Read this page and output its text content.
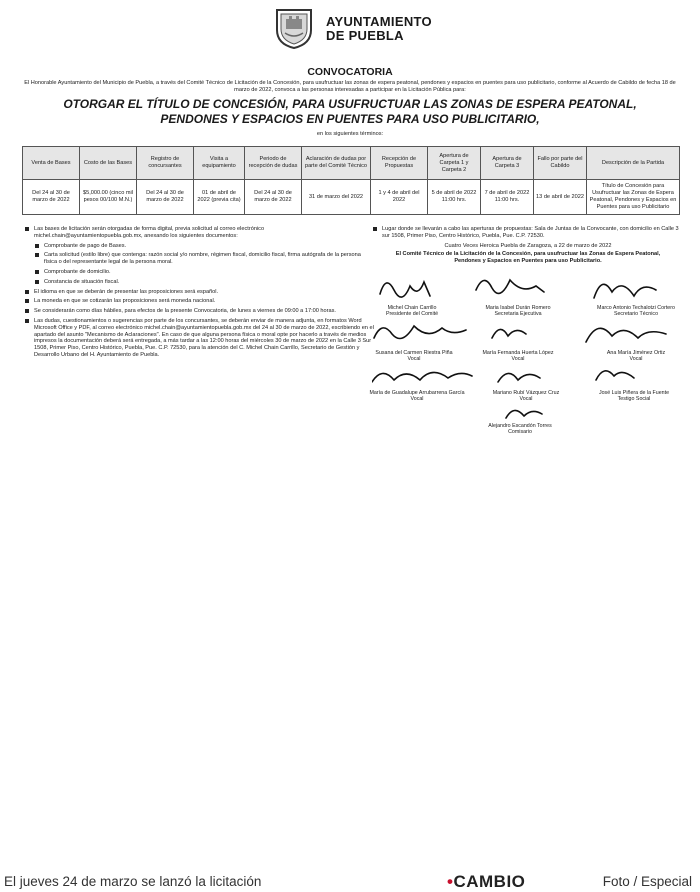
AYUNTAMIENTO
DE PUEBLA
CONVOCATORIA
El Honorable Ayuntamiento del Municipio de Puebla, a través del Comité Técnico de Licitación de la Concesión, para usufructuar las zonas de espera peatonal, pendones y espacios en puentes para uso publicitario, conforme al Acuerdo de Cabildo de fecha 18 de marzo de 2022, convoca a las personas interesadas a participar en la Licitación Pública para:
OTORGAR EL TÍTULO DE CONCESIÓN, PARA USUFRUCTUAR LAS ZONAS DE ESPERA PEATONAL,
PENDONES Y ESPACIOS EN PUENTES PARA USO PUBLICITARIO,
en los siguientes términos:
Venta de Bases	Costo de las Bases	Registro de concursantes	Visita a equipamiento	Periodo de recepción de dudas	Aclaración de dudas por parte del Comité Técnico	Recepción de Propuestas	Apertura de Carpeta 1 y Carpeta 2	Apertura de Carpeta 3	Fallo por parte del Cabildo	Descripción de la Partida
Del 24 al 30 de marzo de 2022	$5,000.00 (cinco mil pesos 00/100 M.N.)	Del 24 al 30 de marzo de 2022	01 de abril de 2022 (previa cita)	Del 24 al 30 de marzo de 2022	31 de marzo del 2022	1 y 4 de abril del 2022	5 de abril de 2022 11:00 hrs.	7 de abril de 2022 11:00 hrs.	13 de abril de 2022	Título de Concesión para Usufructuar las Zonas de Espera Peatonal, Pendones y Espacios en Puentes para uso Publicitario
Las bases de licitación serán otorgadas de forma digital, previa solicitud al correo electrónico michel.chain@ayuntamientopuebla.gob.mx, anexando los siguientes documentos:
Comprobante de pago de Bases.
Carta solicitud (estilo libre) que contenga: razón social y/o nombre, régimen fiscal, domicilio fiscal, firma autógrafa de la persona física o del representante legal de la persona moral.
Comprobante de domicilio.
Constancia de situación fiscal.
El idioma en que se deberán de presentar las proposiciones será español.
La moneda en que se cotizarán las proposiciones será moneda nacional.
Se considerarán como días hábiles, para efectos de la presente Convocatoria, de lunes a viernes de 09:00 a 17:00 horas.
Las dudas, cuestionamientos o sugerencias por parte de los concursantes, se deberán enviar de manera adjunta, en formatos Word Microsoft Office y PDF, al correo electrónico michel.chain@ayuntamientopuebla.gob.mx del 24 al 30 de marzo de 2022, escribiendo en el apartado del asunto "Mecanismo de Aclaraciones". En caso de que alguna persona física o moral opte por hacerlo a través de medios impresos la documentación deberá será entregada, a más tardar a las 12:00 horas del miércoles 30 de marzo de 2022 en la Calle 3 Sur 1508, Primer Piso, Centro Histórico, Puebla, Pue. C.P. 72530, para la atención del C. Michel Chain Carrillo, Secretario de Gestión y Desarrollo Urbano del H. Ayuntamiento de Puebla.
Lugar donde se llevarán a cabo las aperturas de propuestas: Sala de Juntas de la Convocante, con domicilio en Calle 3 sur 1508, Primer Piso, Centro Histórico, Puebla, Pue. C.P. 72530.
Cuatro Veces Heroica Puebla de Zaragoza, a 22 de marzo de 2022
El Comité Técnico de la Licitación de la Concesión, para usufructuar las Zonas de Espera Peatonal,
Pendones y Espacios en Puentes para uso Publicitario.
Michel Chain Carrillo
Presidente del Comité
Maria Isabel Durán Romero
Secretaria Ejecutiva
Marco Antonio Techalotzi Cortero
Secretario Técnico
Susana del Carmen Riestra Piña
Vocal
María Fernanda Huerta López
Vocal
Ana María Jiménez Ortiz
Vocal
María de Guadalupe Arrubarrena García
Vocal
Mariano Rubí Vázquez Cruz
Vocal
José Luis Piñera de la Fuente
Testigo Social
Alejandro Escandón Torres
Comisario
El jueves 24 de marzo se lanzó la licitación	•CAMBIO	Foto / Especial
